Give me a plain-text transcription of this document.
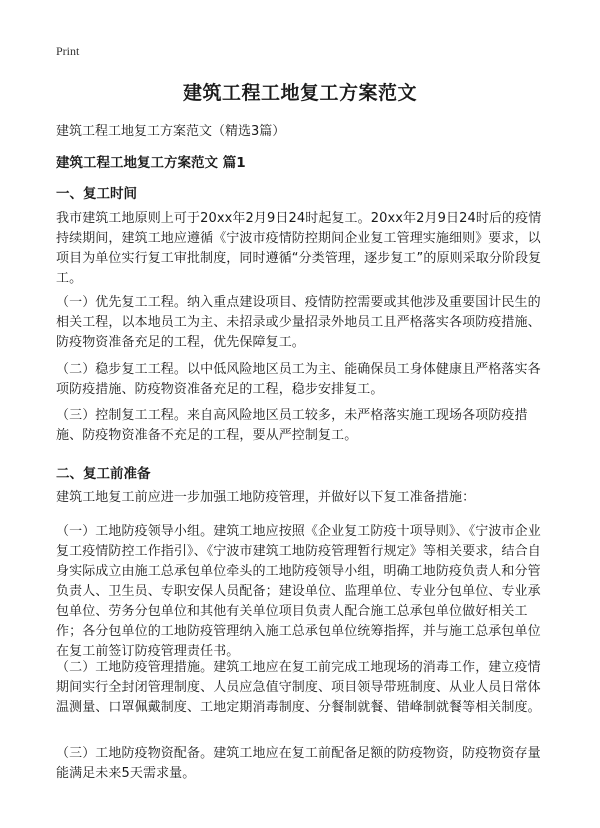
Print
建筑工程工地复工方案范文

建筑工程工地复工方案范文（精选3篇）

建筑工程工地复工方案范文 篇1

一、复工时间

我市建筑工地原则上可于20xx年2月9日24时起复工。20xx年2月9日24时后的疫情持续期间，建筑工地应遵循《宁波市疫情防控期间企业复工管理实施细则》要求，以项目为单位实行复工审批制度，同时遵循“分类管理，逐步复工”的原则采取分阶段复工。

（一）优先复工工程。纳入重点建设项目、疫情防控需要或其他涉及重要国计民生的相关工程，以本地员工为主、未招录或少量招录外地员工且严格落实各项防疫措施、防疫物资准备充足的工程，优先保障复工。

（二）稳步复工工程。以中低风险地区员工为主、能确保员工身体健康且严格落实各项防疫措施、防疫物资准备充足的工程，稳步安排复工。

（三）控制复工工程。来自高风险地区员工较多，未严格落实施工现场各项防疫措施、防疫物资准备不充足的工程，要从严控制复工。

二、复工前准备

建筑工地复工前应进一步加强工地防疫管理，并做好以下复工准备措施：

（一）工地防疫领导小组。建筑工地应按照《企业复工防疫十项导则》、《宁波市企业复工疫情防控工作指引》、《宁波市建筑工地防疫管理暂行规定》等相关要求，结合自身实际成立由施工总承包单位牵头的工地防疫领导小组，明确工地防疫负责人和分管负责人、卫生员、专职安保人员配备；建设单位、监理单位、专业分包单位、专业承包单位、劳务分包单位和其他有关单位项目负责人配合施工总承包单位做好相关工作；各分包单位的工地防疫管理纳入施工总承包单位统筹指挥，并与施工总承包单位在复工前签订防疫管理责任书。

（二）工地防疫管理措施。建筑工地应在复工前完成工地现场的消毒工作，建立疫情期间实行全封闭管理制度、人员应急值守制度、项目领导带班制度、从业人员日常体温测量、口罩佩戴制度、工地定期消毒制度、分餐制就餐、错峰制就餐等相关制度。

（三）工地防疫物资配备。建筑工地应在复工前配备足额的防疫物资，防疫物资存量能满足未来5天需求量。
